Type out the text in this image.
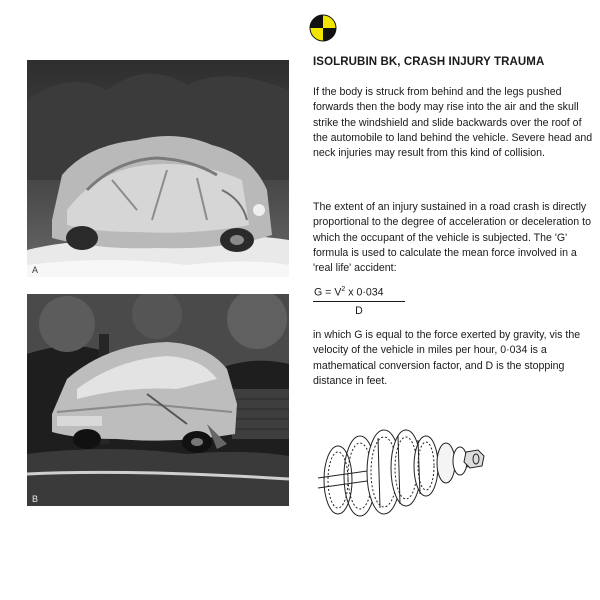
A
B
ISOLRUBIN BK, CRASH INJURY TRAUMA

If the body is struck from behind and the legs pushed forwards then the body may rise into the air and the skull strike the windshield and slide backwards over the roof of the automobile to land behind the vehicle. Severe head and neck injuries may result from this kind of collision.

The extent of an injury sustained in a road crash is directly proportional to the degree of acceleration or deceleration to which the occupant of the vehicle is subjected. The 'G' formula is used to calculate the mean force involved in a 'real life' accident:

$G = V^2$ x 0·034
D

in which G is equal to the force exerted by gravity, vis the velocity of the vehicle in miles per hour, 0·034 is a mathematical conversion factor, and D is the stopping distance in feet.
